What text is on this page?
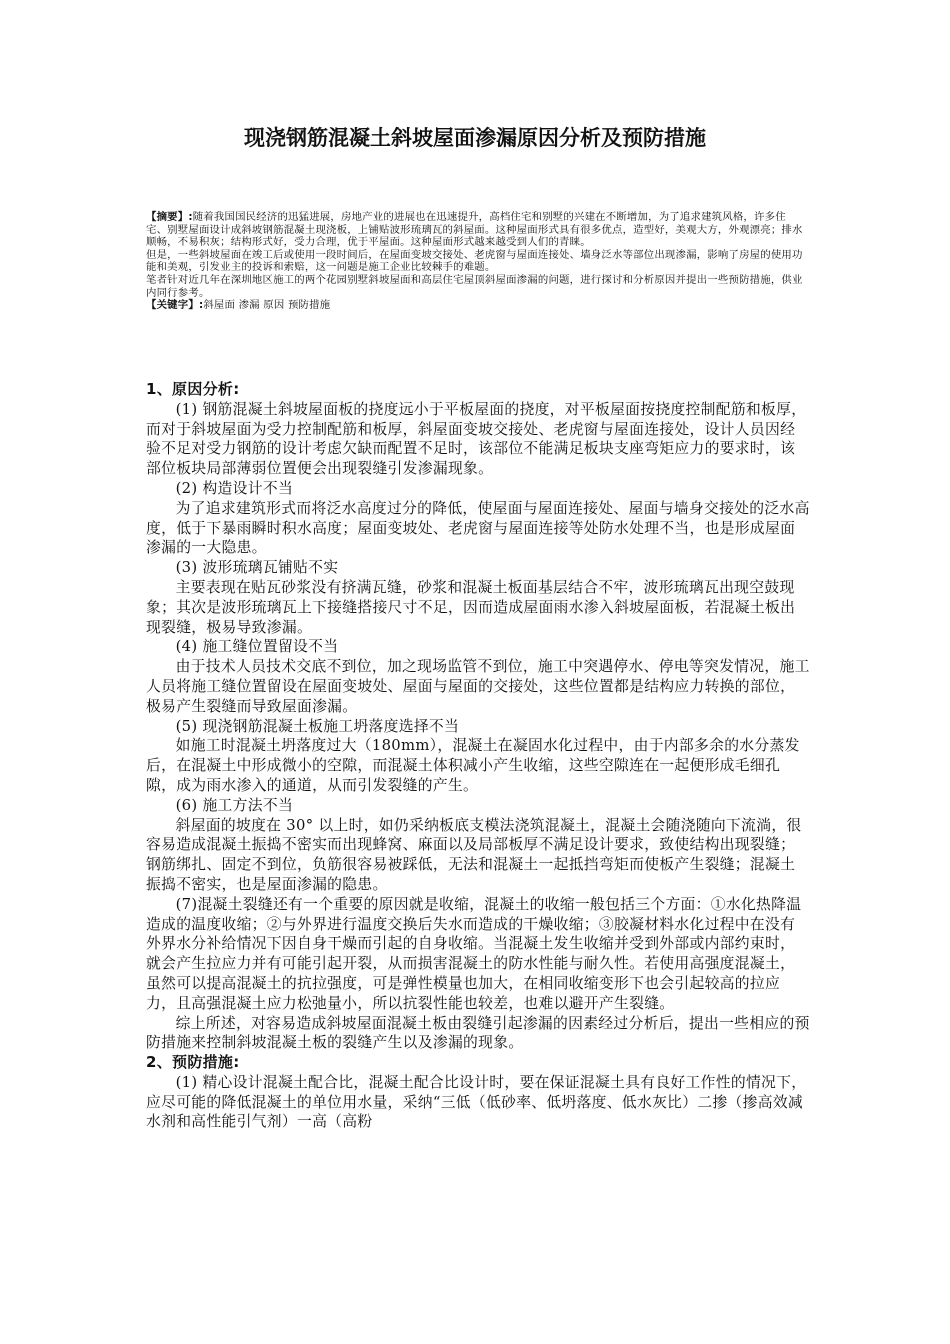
现浇钢筋混凝土斜坡屋面渗漏原因分析及预防措施

【摘要】:随着我国国民经济的迅猛进展，房地产业的进展也在迅速提升，高档住宅和别墅的兴建在不断增加，为了追求建筑风格，许多住宅、别墅屋面设计成斜坡钢筋混凝土现浇板，上铺贴波形琉璃瓦的斜屋面。这种屋面形式具有很多优点，造型好，美观大方，外观漂亮；排水顺畅，不易积灰；结构形式好，受力合理，优于平屋面。这种屋面形式越来越受到人们的青睐。

但是，一些斜坡屋面在竣工后或使用一段时间后，在屋面变坡交接处、老虎窗与屋面连接处、墙身泛水等部位出现渗漏，影响了房屋的使用功能和美观，引发业主的投诉和索赔，这一问题是施工企业比较棘手的难题。

笔者针对近几年在深圳地区施工的两个花园别墅斜坡屋面和高层住宅屋顶斜屋面渗漏的问题，进行探讨和分析原因并提出一些预防措施，供业内同行参考。

【关键字】:斜屋面 渗漏 原因 预防措施

1、原因分析:

(1) 钢筋混凝土斜坡屋面板的挠度远小于平板屋面的挠度，对平板屋面按挠度控制配筋和板厚，而对于斜坡屋面为受力控制配筋和板厚，斜屋面变坡交接处、老虎窗与屋面连接处，设计人员因经验不足对受力钢筋的设计考虑欠缺而配置不足时，该部位不能满足板块支座弯矩应力的要求时，该部位板块局部薄弱位置便会出现裂缝引发渗漏现象。

(2) 构造设计不当

为了追求建筑形式而将泛水高度过分的降低，使屋面与屋面连接处、屋面与墙身交接处的泛水高度，低于下暴雨瞬时积水高度；屋面变坡处、老虎窗与屋面连接等处防水处理不当，也是形成屋面渗漏的一大隐患。

(3) 波形琉璃瓦铺贴不实

主要表现在贴瓦砂浆没有挤满瓦缝，砂浆和混凝土板面基层结合不牢，波形琉璃瓦出现空鼓现象；其次是波形琉璃瓦上下接缝搭接尺寸不足，因而造成屋面雨水渗入斜坡屋面板，若混凝土板出现裂缝，极易导致渗漏。

(4) 施工缝位置留设不当

由于技术人员技术交底不到位，加之现场监管不到位，施工中突遇停水、停电等突发情况，施工人员将施工缝位置留设在屋面变坡处、屋面与屋面的交接处，这些位置都是结构应力转换的部位，极易产生裂缝而导致屋面渗漏。

(5) 现浇钢筋混凝土板施工坍落度选择不当

如施工时混凝土坍落度过大（180mm），混凝土在凝固水化过程中，由于内部多余的水分蒸发后，在混凝土中形成微小的空隙，而混凝土体积减小产生收缩，这些空隙连在一起便形成毛细孔隙，成为雨水渗入的通道，从而引发裂缝的产生。

(6) 施工方法不当

斜屋面的坡度在 30° 以上时，如仍采纳板底支模法浇筑混凝土，混凝土会随浇随向下流淌，很容易造成混凝土振捣不密实而出现蜂窝、麻面以及局部板厚不满足设计要求，致使结构出现裂缝；钢筋绑扎、固定不到位，负筋很容易被踩低，无法和混凝土一起抵挡弯矩而使板产生裂缝；混凝土振捣不密实，也是屋面渗漏的隐患。

(7)混凝土裂缝还有一个重要的原因就是收缩，混凝土的收缩一般包括三个方面：①水化热降温造成的温度收缩；②与外界进行温度交换后失水而造成的干燥收缩；③胶凝材料水化过程中在没有外界水分补给情况下因自身干燥而引起的自身收缩。当混凝土发生收缩并受到外部或内部约束时，就会产生拉应力并有可能引起开裂，从而损害混凝土的防水性能与耐久性。若使用高强度混凝土，虽然可以提高混凝土的抗拉强度，可是弹性模量也加大，在相同收缩变形下也会引起较高的拉应力，且高强混凝土应力松弛量小，所以抗裂性能也较差，也难以避开产生裂缝。

综上所述，对容易造成斜坡屋面混凝土板由裂缝引起渗漏的因素经过分析后，提出一些相应的预防措施来控制斜坡混凝土板的裂缝产生以及渗漏的现象。

2、预防措施:

(1) 精心设计混凝土配合比，混凝土配合比设计时，要在保证混凝土具有良好工作性的情况下，应尽可能的降低混凝土的单位用水量，采纳“三低（低砂率、低坍落度、低水灰比）二掺（掺高效减水剂和高性能引气剂）一高（高粉
